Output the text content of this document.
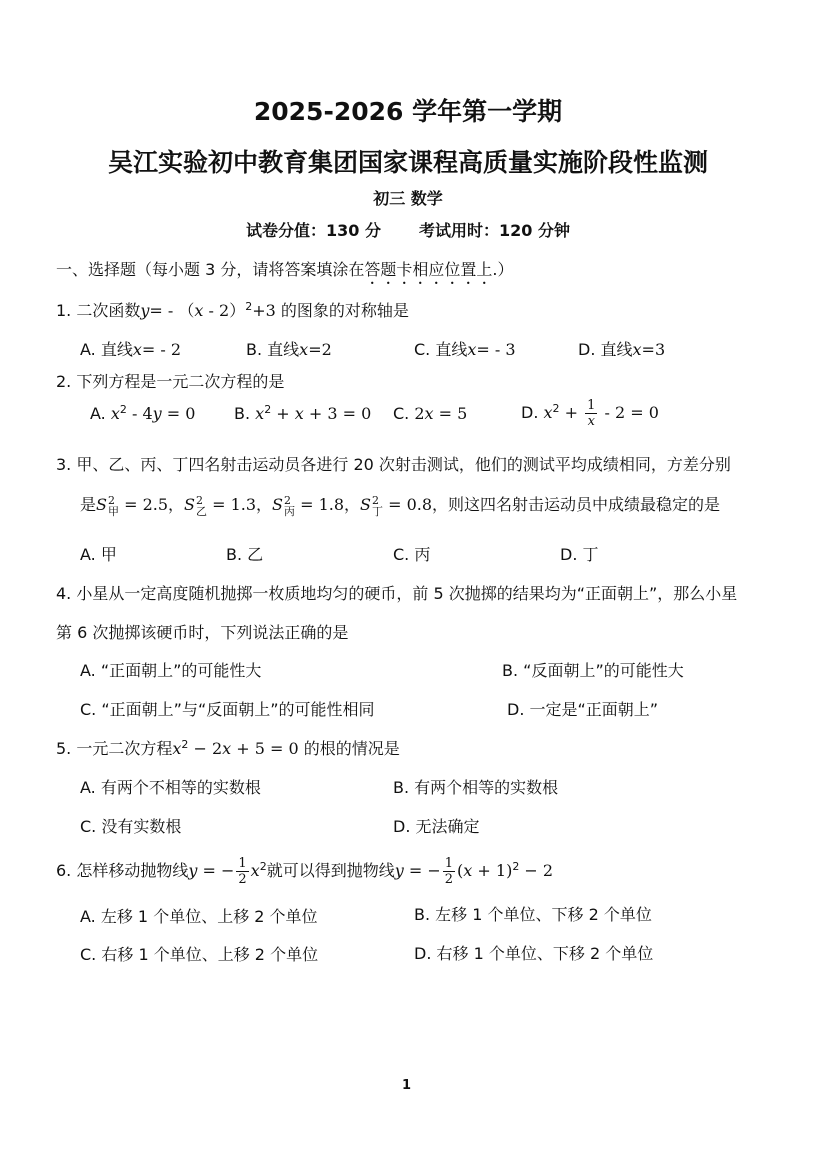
2025-2026 学年第一学期
吴江实验初中教育集团国家课程高质量实施阶段性监测
初三 数学
试卷分值：130 分 考试用时：120 分钟
一、选择题（每小题 3 分，请将答案填涂在答题卡相应位置上.）
1. 二次函数y= - （x - 2）$^2$+3 的图象的对称轴是
A. 直线x= - 2	B. 直线x=2	C. 直线x= - 3	D. 直线x=3
2. 下列方程是一元二次方程的是
A. $x^2 - 4y = 0$ B. $x^2 + x + 3 = 0$ C. 2x = 5	D. $x^2 + \frac{1}{x} - 2 = 0$
3. 甲、乙、丙、丁四名射击运动员各进行 20 次射击测试，他们的测试平均成绩相同，方差分别
是S 2
甲 = 2.5，S 2
乙 = 1.3，S 2
丙 = 1.8，S 2
丁 = 0.8，则这四名射击运动员中成绩最稳定的是
A. 甲	B. 乙	C. 丙	D. 丁
4. 小星从一定高度随机抛掷一枚质地均匀的硬币，前 5 次抛掷的结果均为“正面朝上”，那么小星
第 6 次抛掷该硬币时，下列说法正确的是
A. “正面朝上”的可能性大	B. “反面朝上”的可能性大
C. “正面朝上”与“反面朝上”的可能性相同	D. 一定是“正面朝上”
5. 一元二次方程$x^2 - 2x + 5 = 0$ 的根的情况是
A. 有两个不相等的实数根	B. 有两个相等的实数根
C. 没有实数根	D. 无法确定
6. 怎样移动抛物线y = − $\frac{1}{2} x^2$就可以得到抛物线y = − $\frac{1}{2} (x + 1)^2 - 2$
A. 左移 1 个单位、上移 2 个单位	B. 左移 1 个单位、下移 2 个单位
C. 右移 1 个单位、上移 2 个单位	D. 右移 1 个单位、下移 2 个单位
1
